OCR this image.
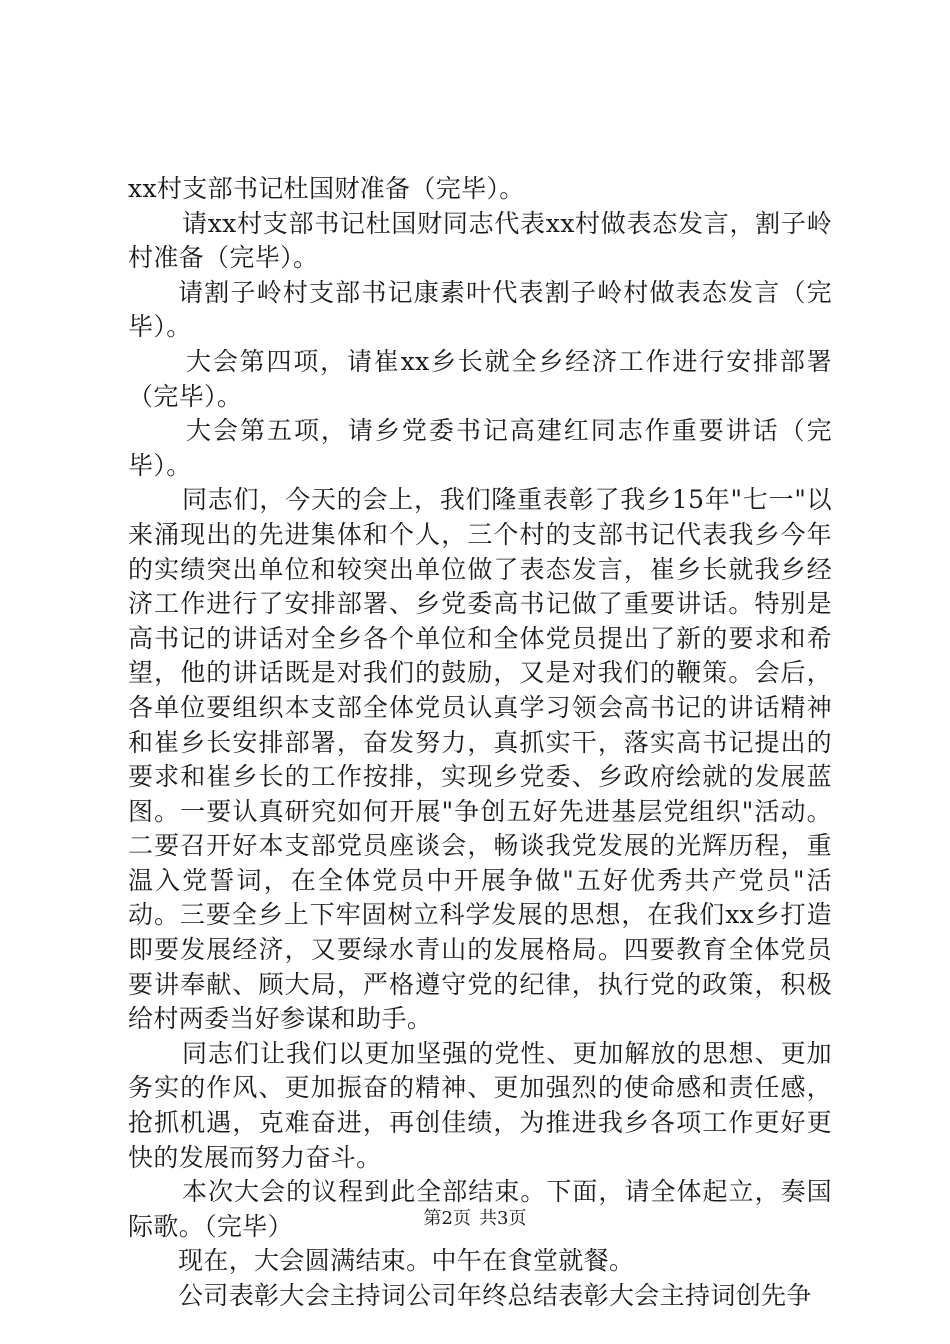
xx村支部书记杜国财准备（完毕）。

请xx村支部书记杜国财同志代表xx村做表态发言，割子岭村准备（完毕）。

请割子岭村支部书记康素叶代表割子岭村做表态发言（完毕）。

大会第四项，请崔xx乡长就全乡经济工作进行安排部署（完毕）。

大会第五项，请乡党委书记高建红同志作重要讲话（完毕）。

同志们，今天的会上，我们隆重表彰了我乡15年"七一"以来涌现出的先进集体和个人，三个村的支部书记代表我乡今年的实绩突出单位和较突出单位做了表态发言，崔乡长就我乡经济工作进行了安排部署、乡党委高书记做了重要讲话。特别是高书记的讲话对全乡各个单位和全体党员提出了新的要求和希望，他的讲话既是对我们的鼓励，又是对我们的鞭策。会后，各单位要组织本支部全体党员认真学习领会高书记的讲话精神和崔乡长安排部署，奋发努力，真抓实干，落实高书记提出的要求和崔乡长的工作按排，实现乡党委、乡政府绘就的发展蓝图。一要认真研究如何开展"争创五好先进基层党组织"活动。二要召开好本支部党员座谈会，畅谈我党发展的光辉历程，重温入党誓词，在全体党员中开展争做"五好优秀共产党员"活动。三要全乡上下牢固树立科学发展的思想，在我们xx乡打造即要发展经济，又要绿水青山的发展格局。四要教育全体党员要讲奉献、顾大局，严格遵守党的纪律，执行党的政策，积极给村两委当好参谋和助手。

同志们让我们以更加坚强的党性、更加解放的思想、更加务实的作风、更加振奋的精神、更加强烈的使命感和责任感，抢抓机遇，克难奋进，再创佳绩，为推进我乡各项工作更好更快的发展而努力奋斗。

本次大会的议程到此全部结束。下面，请全体起立，奏国际歌。（完毕）

现在，大会圆满结束。中午在食堂就餐。

公司表彰大会主持词公司年终总结表彰大会主持词创先争

第2页 共3页
